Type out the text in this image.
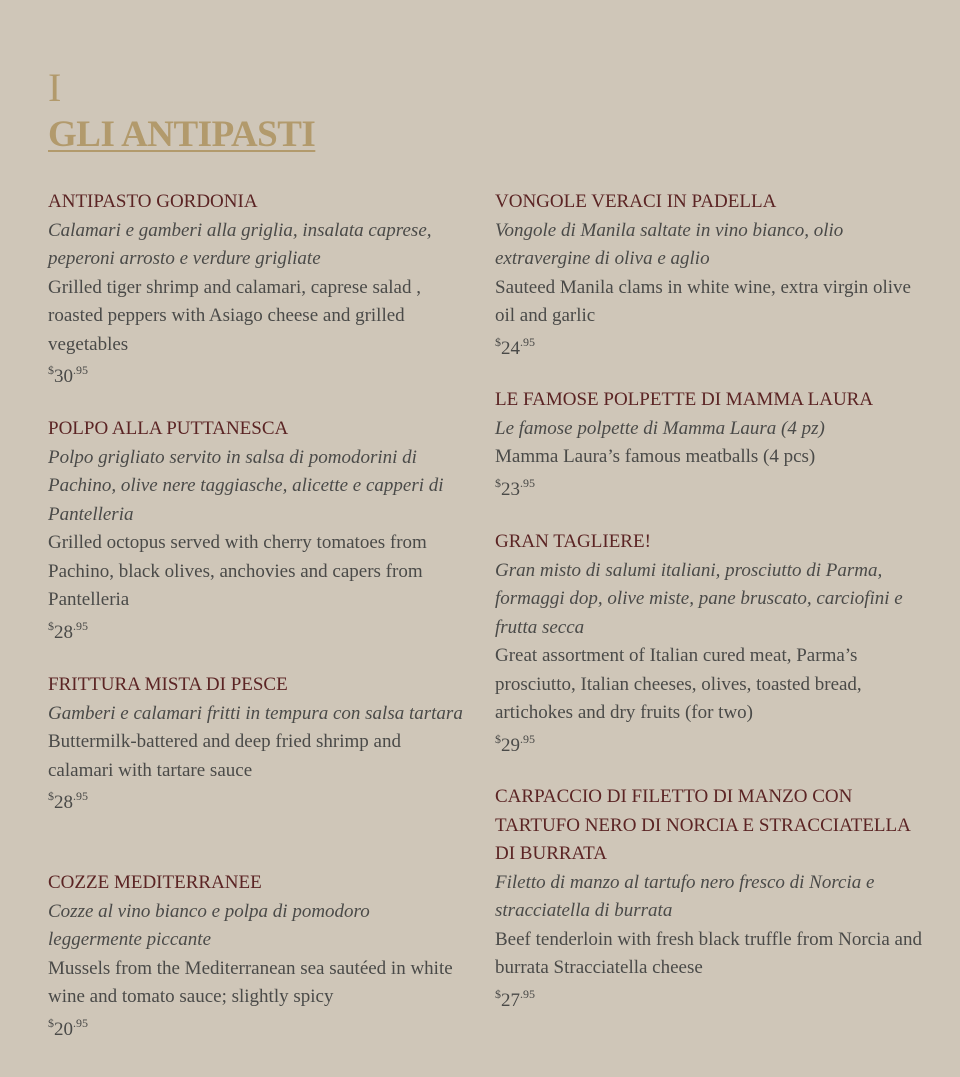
I
GLI ANTIPASTI

ANTIPASTO GORDONIA

Calamari e gamberi alla griglia, insalata caprese, peperoni arrosto e verdure grigliate

Grilled tiger shrimp and calamari, caprese salad , roasted peppers with Asiago cheese and grilled vegetables

$^{\$}30^{.95}$

POLPO ALLA PUTTANESCA

Polpo grigliato servito in salsa di pomodorini di Pachino, olive nere taggiasche, alicette e capperi di Pantelleria

Grilled octopus served with cherry tomatoes from Pachino, black olives, anchovies and capers from Pantelleria

$^{\$}28^{.95}$

FRITTURA MISTA DI PESCE

Gamberi e calamari fritti in tempura con salsa tartara

Buttermilk-battered and deep fried shrimp and calamari with tartare sauce

$^{\$}28^{.95}$

COZZE MEDITERRANEE

Cozze al vino bianco e polpa di pomodoro leggermente piccante

Mussels from the Mediterranean sea sautéed in white wine and tomato sauce; slightly spicy

$^{\$}20^{.95}$

VONGOLE VERACI IN PADELLA

Vongole di Manila saltate in vino bianco, olio extravergine di oliva e aglio

Sauteed Manila clams in white wine, extra virgin olive oil and garlic

$^{\$}24^{.95}$

LE FAMOSE POLPETTE DI MAMMA LAURA

Le famose polpette di Mamma Laura (4 pz)

Mamma Laura’s famous meatballs (4 pcs)

$^{\$}23^{.95}$

GRAN TAGLIERE!

Gran misto di salumi italiani, prosciutto di Parma, formaggi dop, olive miste, pane bruscato, carciofini e frutta secca

Great assortment of Italian cured meat, Parma’s prosciutto, Italian cheeses, olives, toasted bread, artichokes and dry fruits (for two)

$^{\$}29^{.95}$

CARPACCIO DI FILETTO DI MANZO CON TARTUFO NERO DI NORCIA E STRACCIATELLA DI BURRATA

Filetto di manzo al tartufo nero fresco di Norcia e stracciatella di burrata

Beef tenderloin with fresh black truffle from Norcia and burrata Stracciatella cheese

$^{\$}27^{.95}$
